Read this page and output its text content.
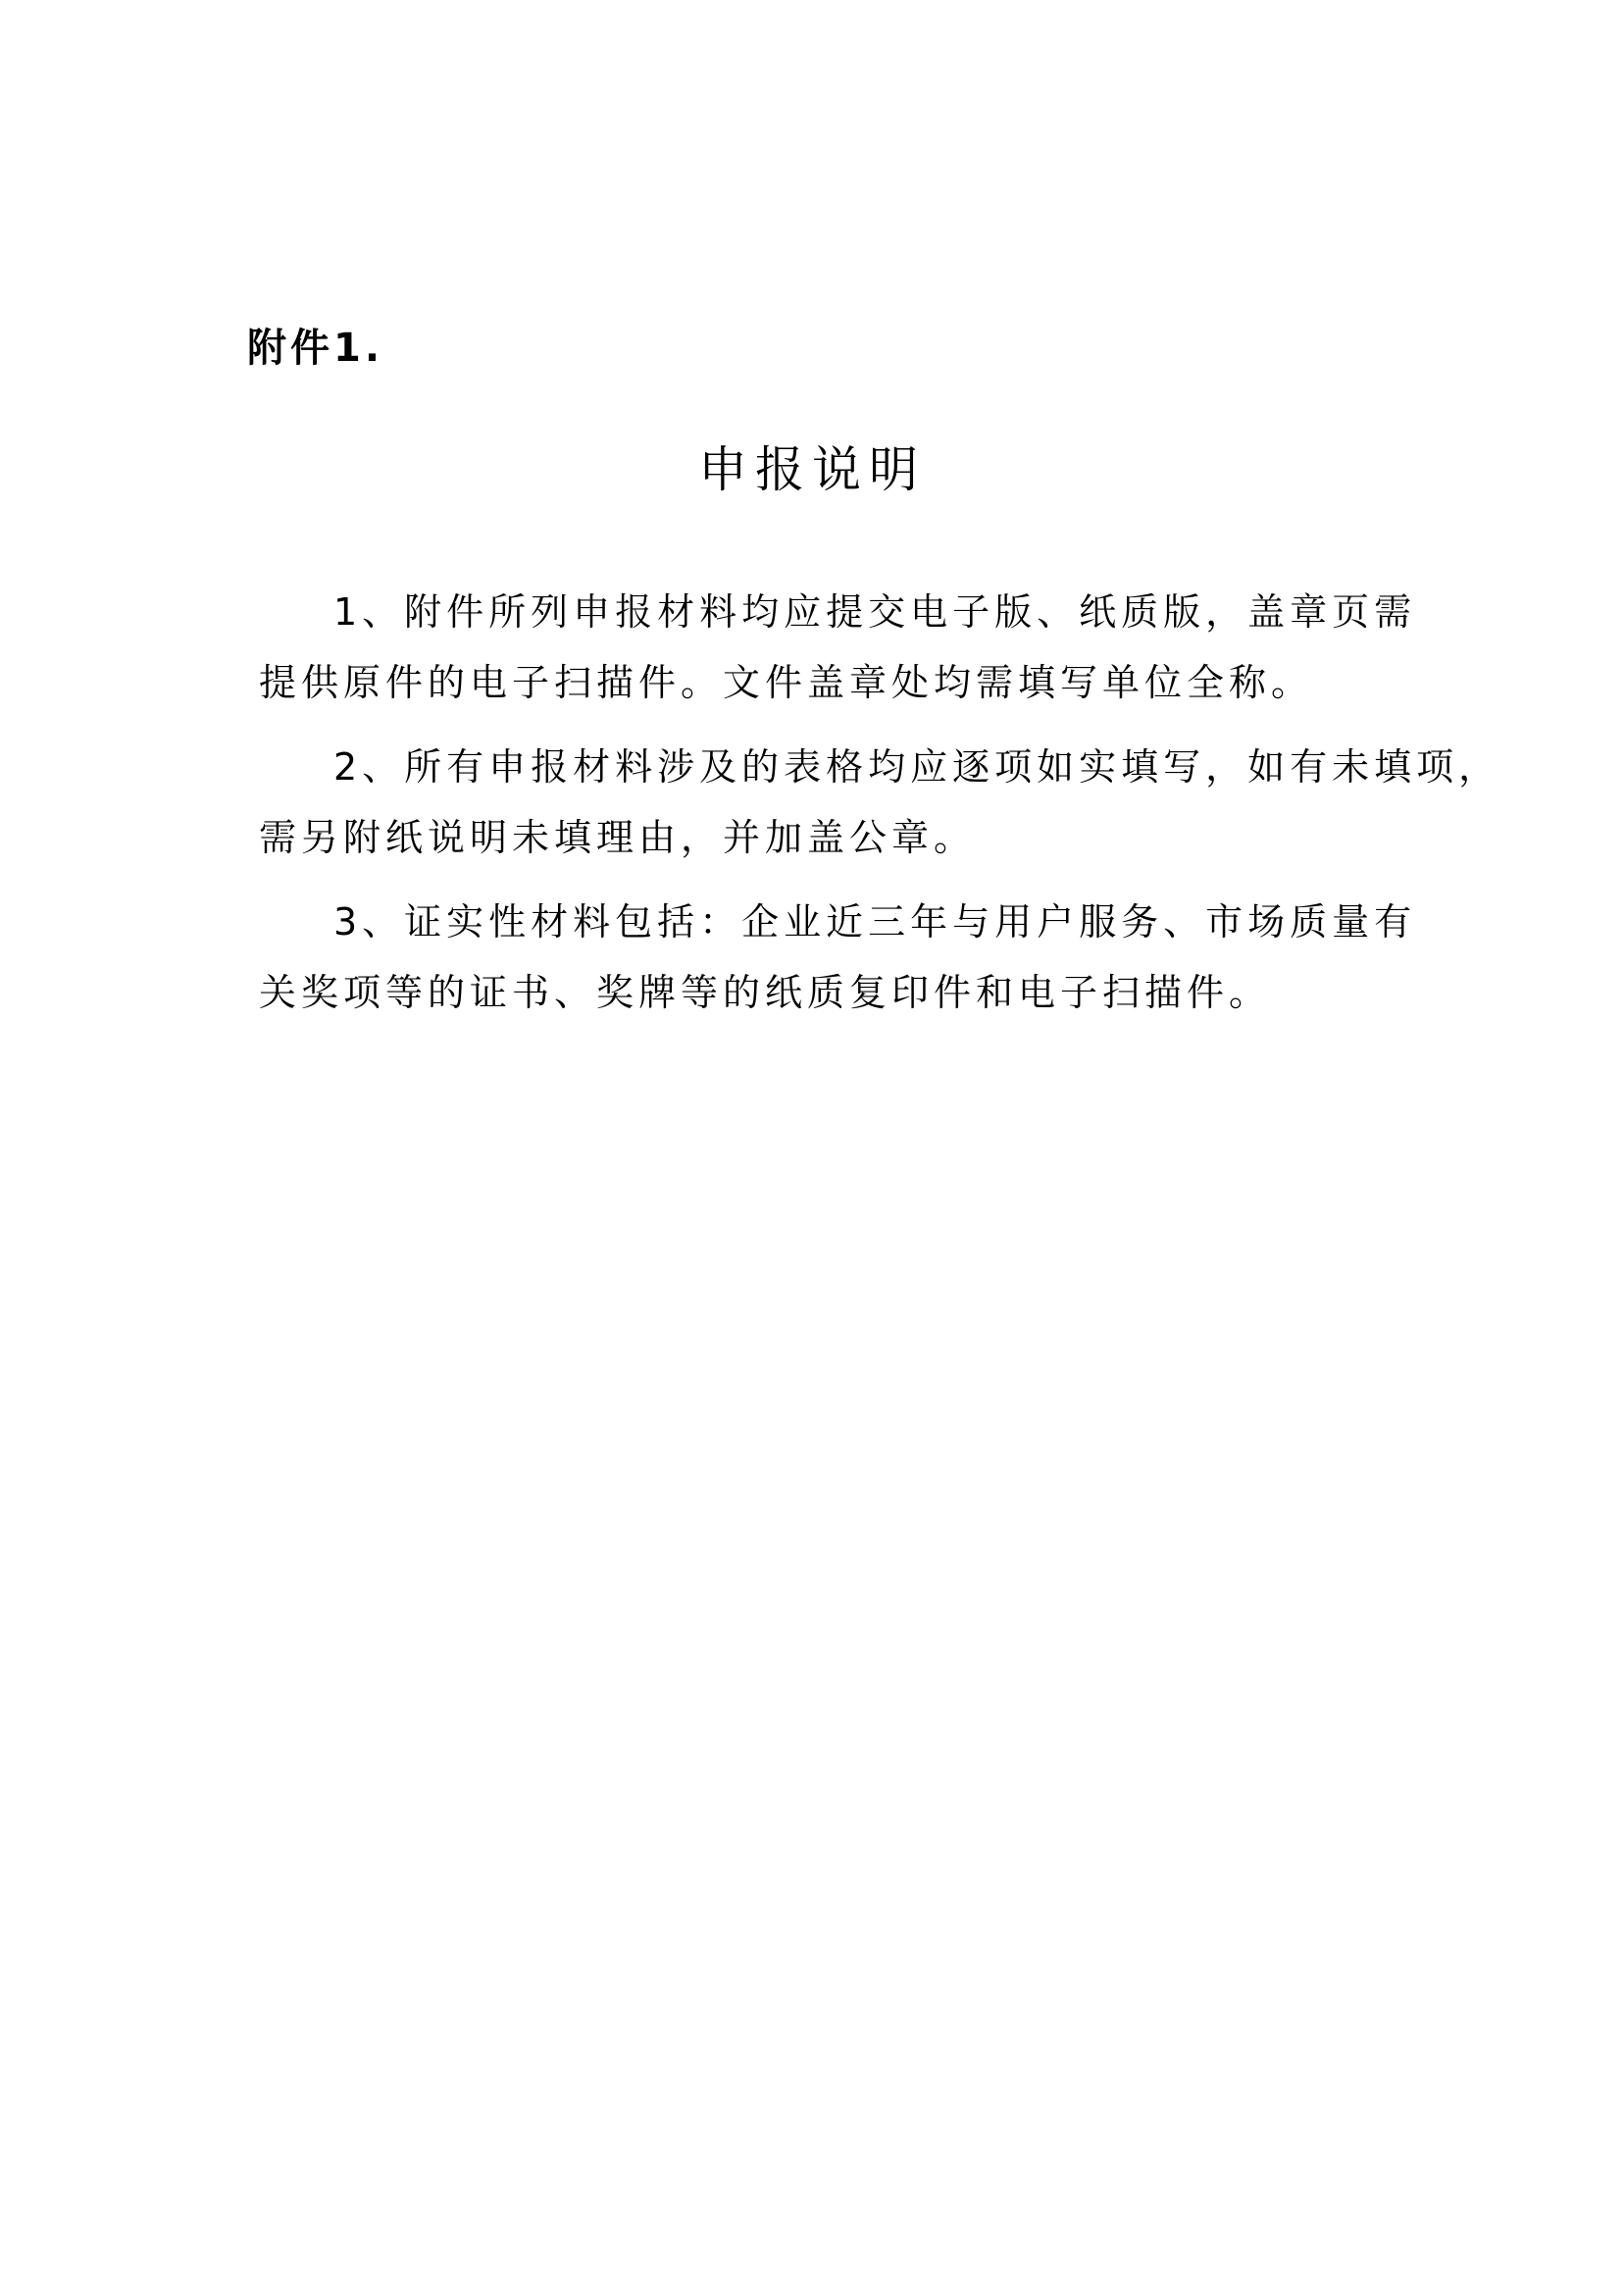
附件1.
申报说明
1、附件所列申报材料均应提交电子版、纸质版，盖章页需
提供原件的电子扫描件。文件盖章处均需填写单位全称。
2、所有申报材料涉及的表格均应逐项如实填写，如有未填项，
需另附纸说明未填理由，并加盖公章。
3、证实性材料包括：企业近三年与用户服务、市场质量有
关奖项等的证书、奖牌等的纸质复印件和电子扫描件。
